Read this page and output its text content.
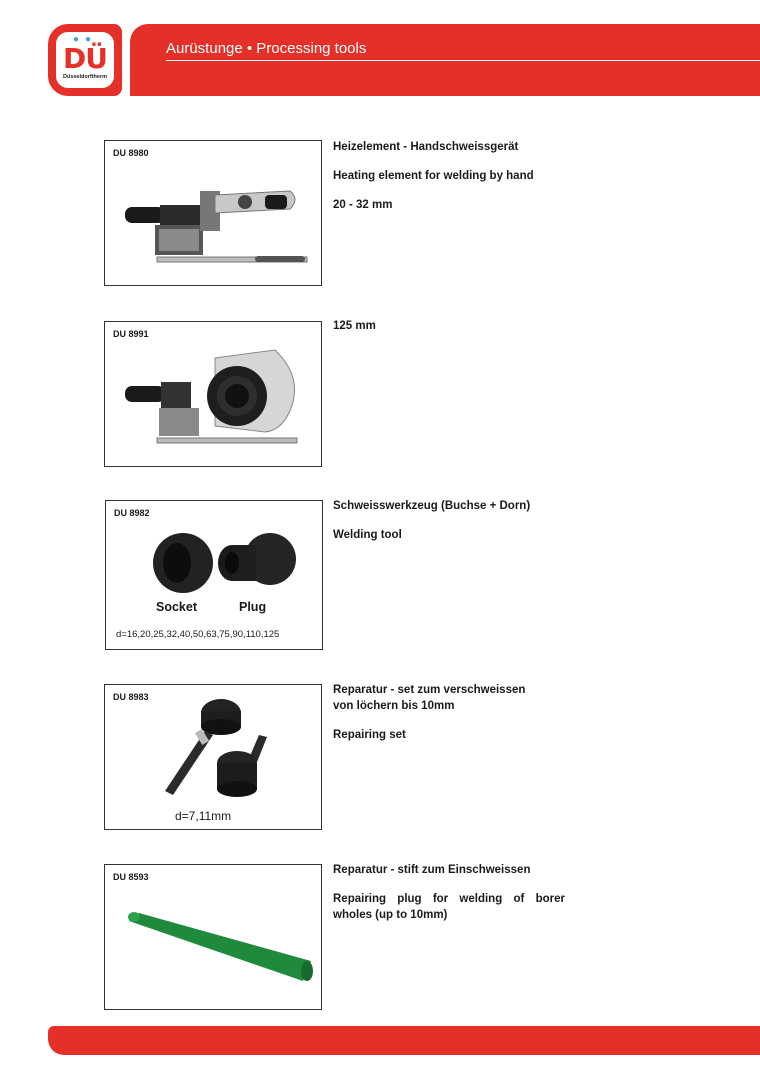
●●
DÜ
Düsseldorftherm
Aurüstunge • Processing tools
DU 8980	Heizelement - Handschweissgerät

Heating element for welding by hand

20 - 32 mm

DU 8991

125 mm

DU 8982
Socket	Plug
d=16,20,25,32,40,50,63,75,90,110,125

Schweisswerkzeug (Buchse + Dorn)

Welding tool

DU 8983
d=7,11mm

Reparatur - set zum verschweissen

von löchern bis 10mm

Repairing set

DU 8593

Reparatur - stift zum Einschweissen

Repairing plug for welding of borer wholes (up to 10mm)
